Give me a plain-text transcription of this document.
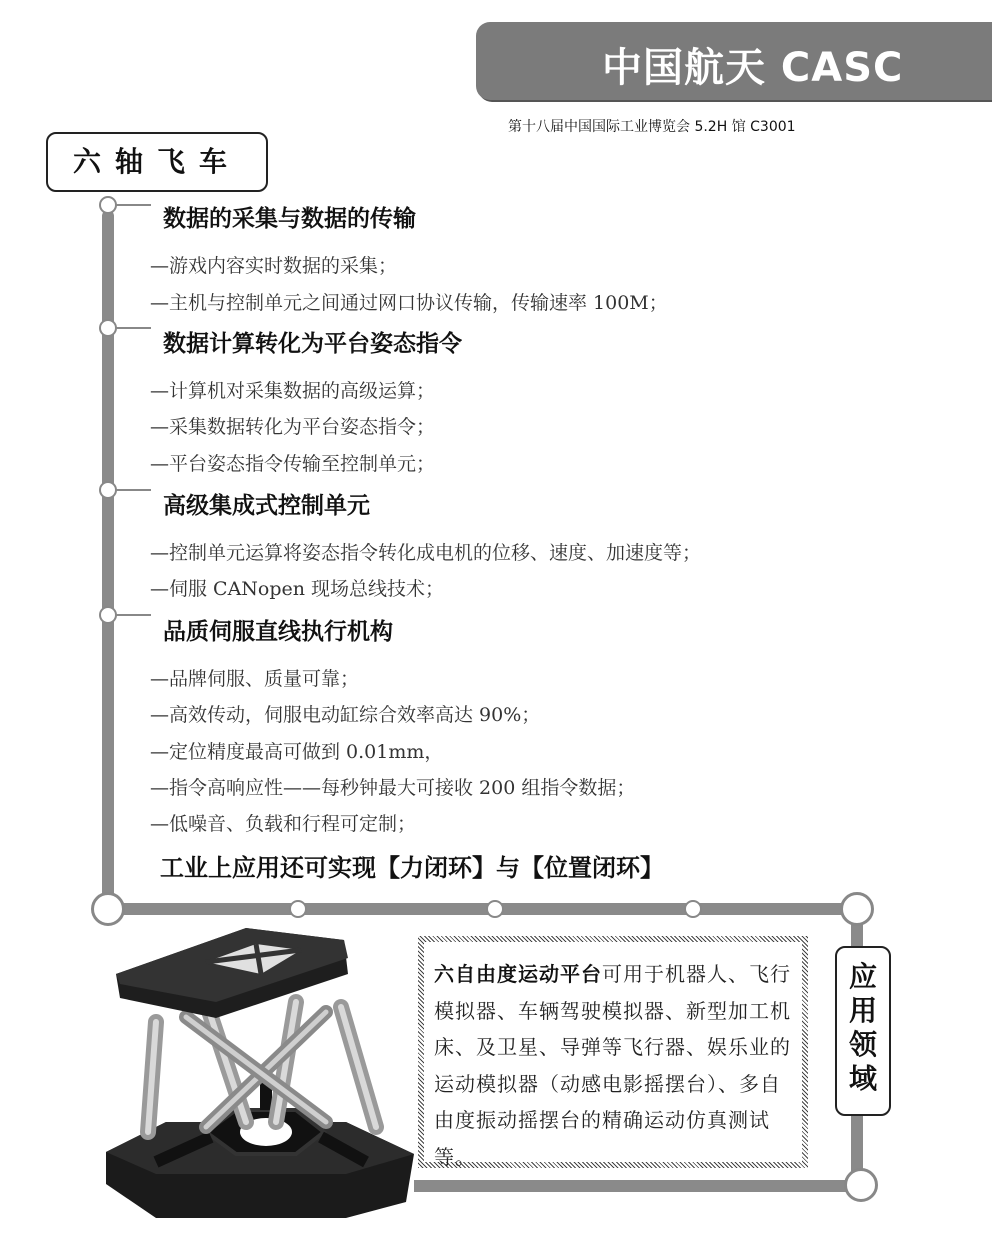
中国航天 CASC
第十八届中国国际工业博览会 5.2H 馆 C3001
六轴飞车
数据的采集与数据的传输
—游戏内容实时数据的采集；
—主机与控制单元之间通过网口协议传输，传输速率 100M；
数据计算转化为平台姿态指令
—计算机对采集数据的高级运算；
—采集数据转化为平台姿态指令；
—平台姿态指令传输至控制单元；
高级集成式控制单元
—控制单元运算将姿态指令转化成电机的位移、速度、加速度等；
—伺服 CANopen 现场总线技术；
品质伺服直线执行机构
—品牌伺服、质量可靠；
—高效传动，伺服电动缸综合效率高达 90%；
—定位精度最高可做到 0.01mm，
—指令高响应性——每秒钟最大可接收 200 组指令数据；
—低噪音、负载和行程可定制；
工业上应用还可实现【力闭环】与【位置闭环】
六自由度运动平台可用于机器人、飞行模拟器、车辆驾驶模拟器、新型加工机床、及卫星、导弹等飞行器、娱乐业的运动模拟器（动感电影摇摆台）、多自由度振动摇摆台的精确运动仿真测试等。
应
用
领
域
